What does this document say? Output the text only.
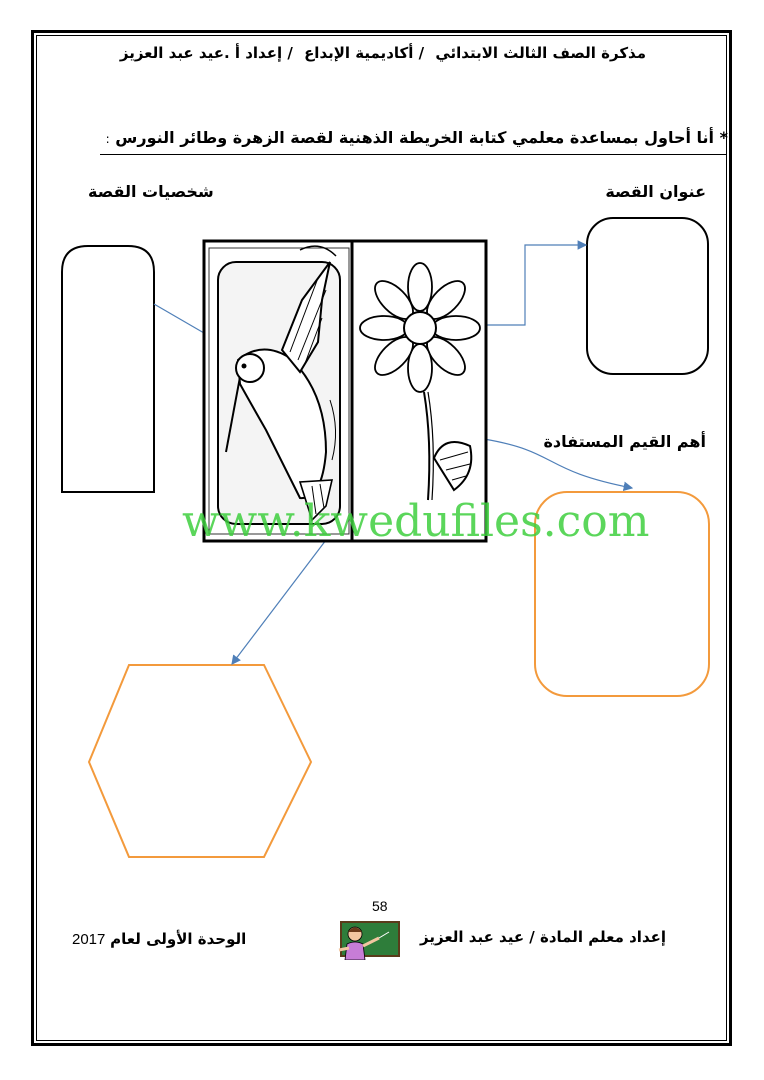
مذكرة الصف الثالث الابتدائي / أكاديمية الإبداع / إعداد أ .عيد عبد العزيز
* أنا أحاول بمساعدة معلمي كتابة الخريطة الذهنية لقصة الزهرة وطائر النورس :
شخصيات القصة	عنوان القصة
أهم القيم المستفادة
www.kwedufiles.com
58
2017 الوحدة الأولى لعام	إعداد معلم المادة / عيد عبد العزيز
